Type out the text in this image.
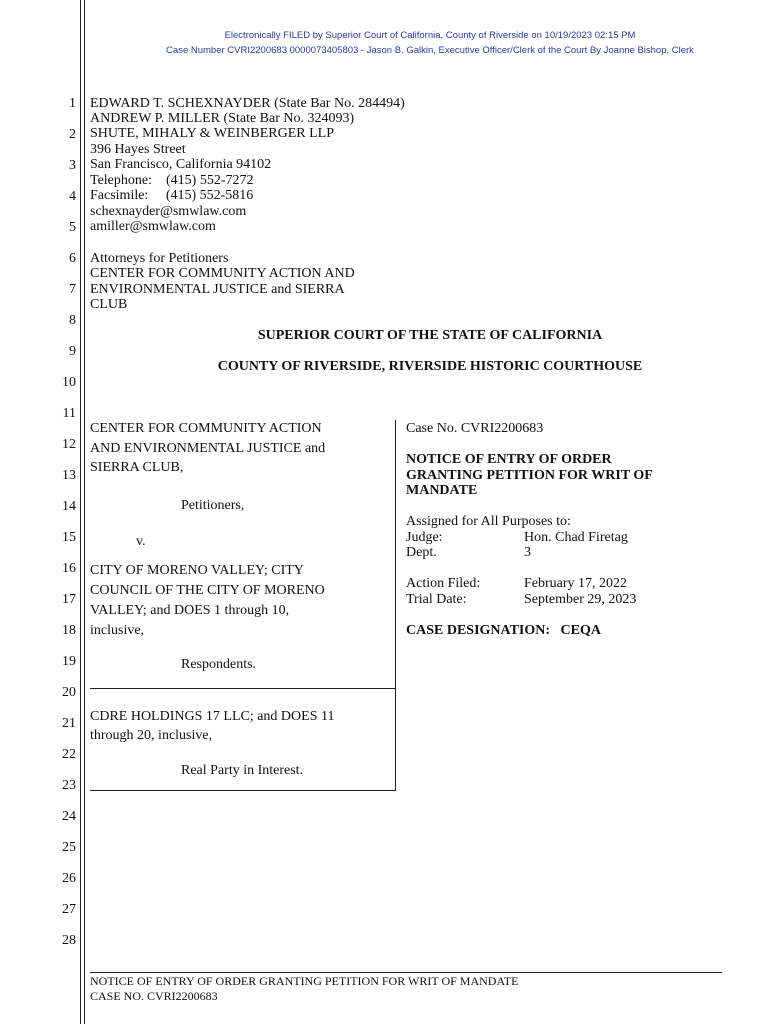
Electronically FILED by Superior Court of California, County of Riverside on 10/19/2023 02:15 PM
Case Number CVRI2200683 0000073405803 - Jason B. Galkin, Executive Officer/Clerk of the Court By Joanne Bishop, Clerk
1
2
3
4
5
6
7
8
9
10
11
12
13
14
15
16
17
18
19
20
21
22
23
24
25
26
27
28
EDWARD T. SCHEXNAYDER (State Bar No. 284494)
ANDREW P. MILLER (State Bar No. 324093)
SHUTE, MIHALY & WEINBERGER LLP
396 Hayes Street
San Francisco, California 94102
Telephone:    (415) 552-7272
Facsimile:     (415) 552-5816
schexnayder@smwlaw.com
amiller@smwlaw.com
Attorneys for Petitioners
CENTER FOR COMMUNITY ACTION AND
ENVIRONMENTAL JUSTICE and SIERRA
CLUB
SUPERIOR COURT OF THE STATE OF CALIFORNIA
COUNTY OF RIVERSIDE, RIVERSIDE HISTORIC COURTHOUSE
CENTER FOR COMMUNITY ACTION
AND ENVIRONMENTAL JUSTICE and
SIERRA CLUB,
Petitioners,
v.
CITY OF MORENO VALLEY; CITY
COUNCIL OF THE CITY OF MORENO
VALLEY; and DOES 1 through 10,
inclusive,
Respondents.
CDRE HOLDINGS 17 LLC; and DOES 11
through 20, inclusive,
Real Party in Interest.
Case No. CVRI2200683
NOTICE OF ENTRY OF ORDER
GRANTING PETITION FOR WRIT OF
MANDATE
Assigned for All Purposes to:
Judge:	Hon. Chad Firetag
Dept.	3
Action Filed:	February 17, 2022
Trial Date:	September 29, 2023
CASE DESIGNATION:   CEQA
NOTICE OF ENTRY OF ORDER GRANTING PETITION FOR WRIT OF MANDATE
CASE NO. CVRI2200683
